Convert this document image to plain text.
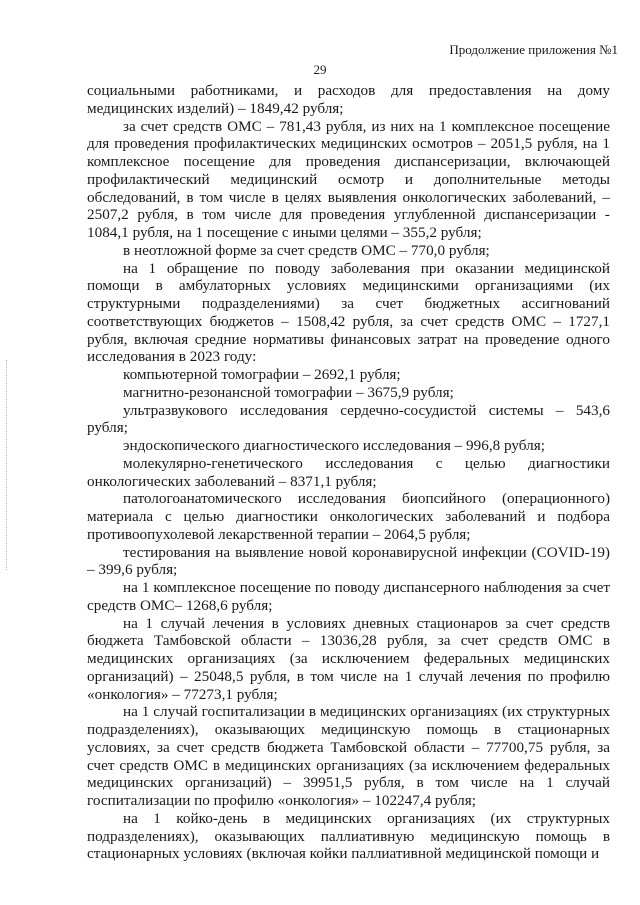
Продолжение приложения №1
29

социальными работниками, и расходов для предоставления на дому медицинских изделий) – 1849,42 рубля;

за счет средств ОМС – 781,43 рубля, из них на 1 комплексное посещение для проведения профилактических медицинских осмотров – 2051,5 рубля, на 1 комплексное посещение для проведения диспансеризации, включающей профилактический медицинский осмотр и дополнительные методы обследований, в том числе в целях выявления онкологических заболеваний, – 2507,2 рубля, в том числе для проведения углубленной диспансеризации - 1084,1 рубля, на 1 посещение с иными целями – 355,2 рубля;

в неотложной форме за счет средств ОМС – 770,0 рубля;

на 1 обращение по поводу заболевания при оказании медицинской помощи в амбулаторных условиях медицинскими организациями (их структурными подразделениями) за счет бюджетных ассигнований соответствующих бюджетов – 1508,42 рубля, за счет средств ОМС – 1727,1 рубля, включая средние нормативы финансовых затрат на проведение одного исследования в 2023 году:

компьютерной томографии – 2692,1 рубля;

магнитно-резонансной томографии – 3675,9 рубля;

ультразвукового исследования сердечно-сосудистой системы – 543,6 рубля;

эндоскопического диагностического исследования – 996,8 рубля;

молекулярно-генетического исследования с целью диагностики онкологических заболеваний – 8371,1 рубля;

патологоанатомического исследования биопсийного (операционного) материала с целью диагностики онкологических заболеваний и подбора противоопухолевой лекарственной терапии – 2064,5 рубля;

тестирования на выявление новой коронавирусной инфекции (COVID-19) – 399,6 рубля;

на 1 комплексное посещение по поводу диспансерного наблюдения за счет средств ОМС– 1268,6 рубля;

на 1 случай лечения в условиях дневных стационаров за счет средств бюджета Тамбовской области – 13036,28 рубля, за счет средств ОМС в медицинских организациях (за исключением федеральных медицинских организаций) – 25048,5 рубля, в том числе на 1 случай лечения по профилю «онкология» – 77273,1 рубля;

на 1 случай госпитализации в медицинских организациях (их структурных подразделениях), оказывающих медицинскую помощь в стационарных условиях, за счет средств бюджета Тамбовской области – 77700,75 рубля, за счет средств ОМС в медицинских организациях (за исключением федеральных медицинских организаций) – 39951,5 рубля, в том числе на 1 случай госпитализации по профилю «онкология» – 102247,4 рубля;

на 1 койко-день в медицинских организациях (их структурных подразделениях), оказывающих паллиативную медицинскую помощь в стационарных условиях (включая койки паллиативной медицинской помощи и
